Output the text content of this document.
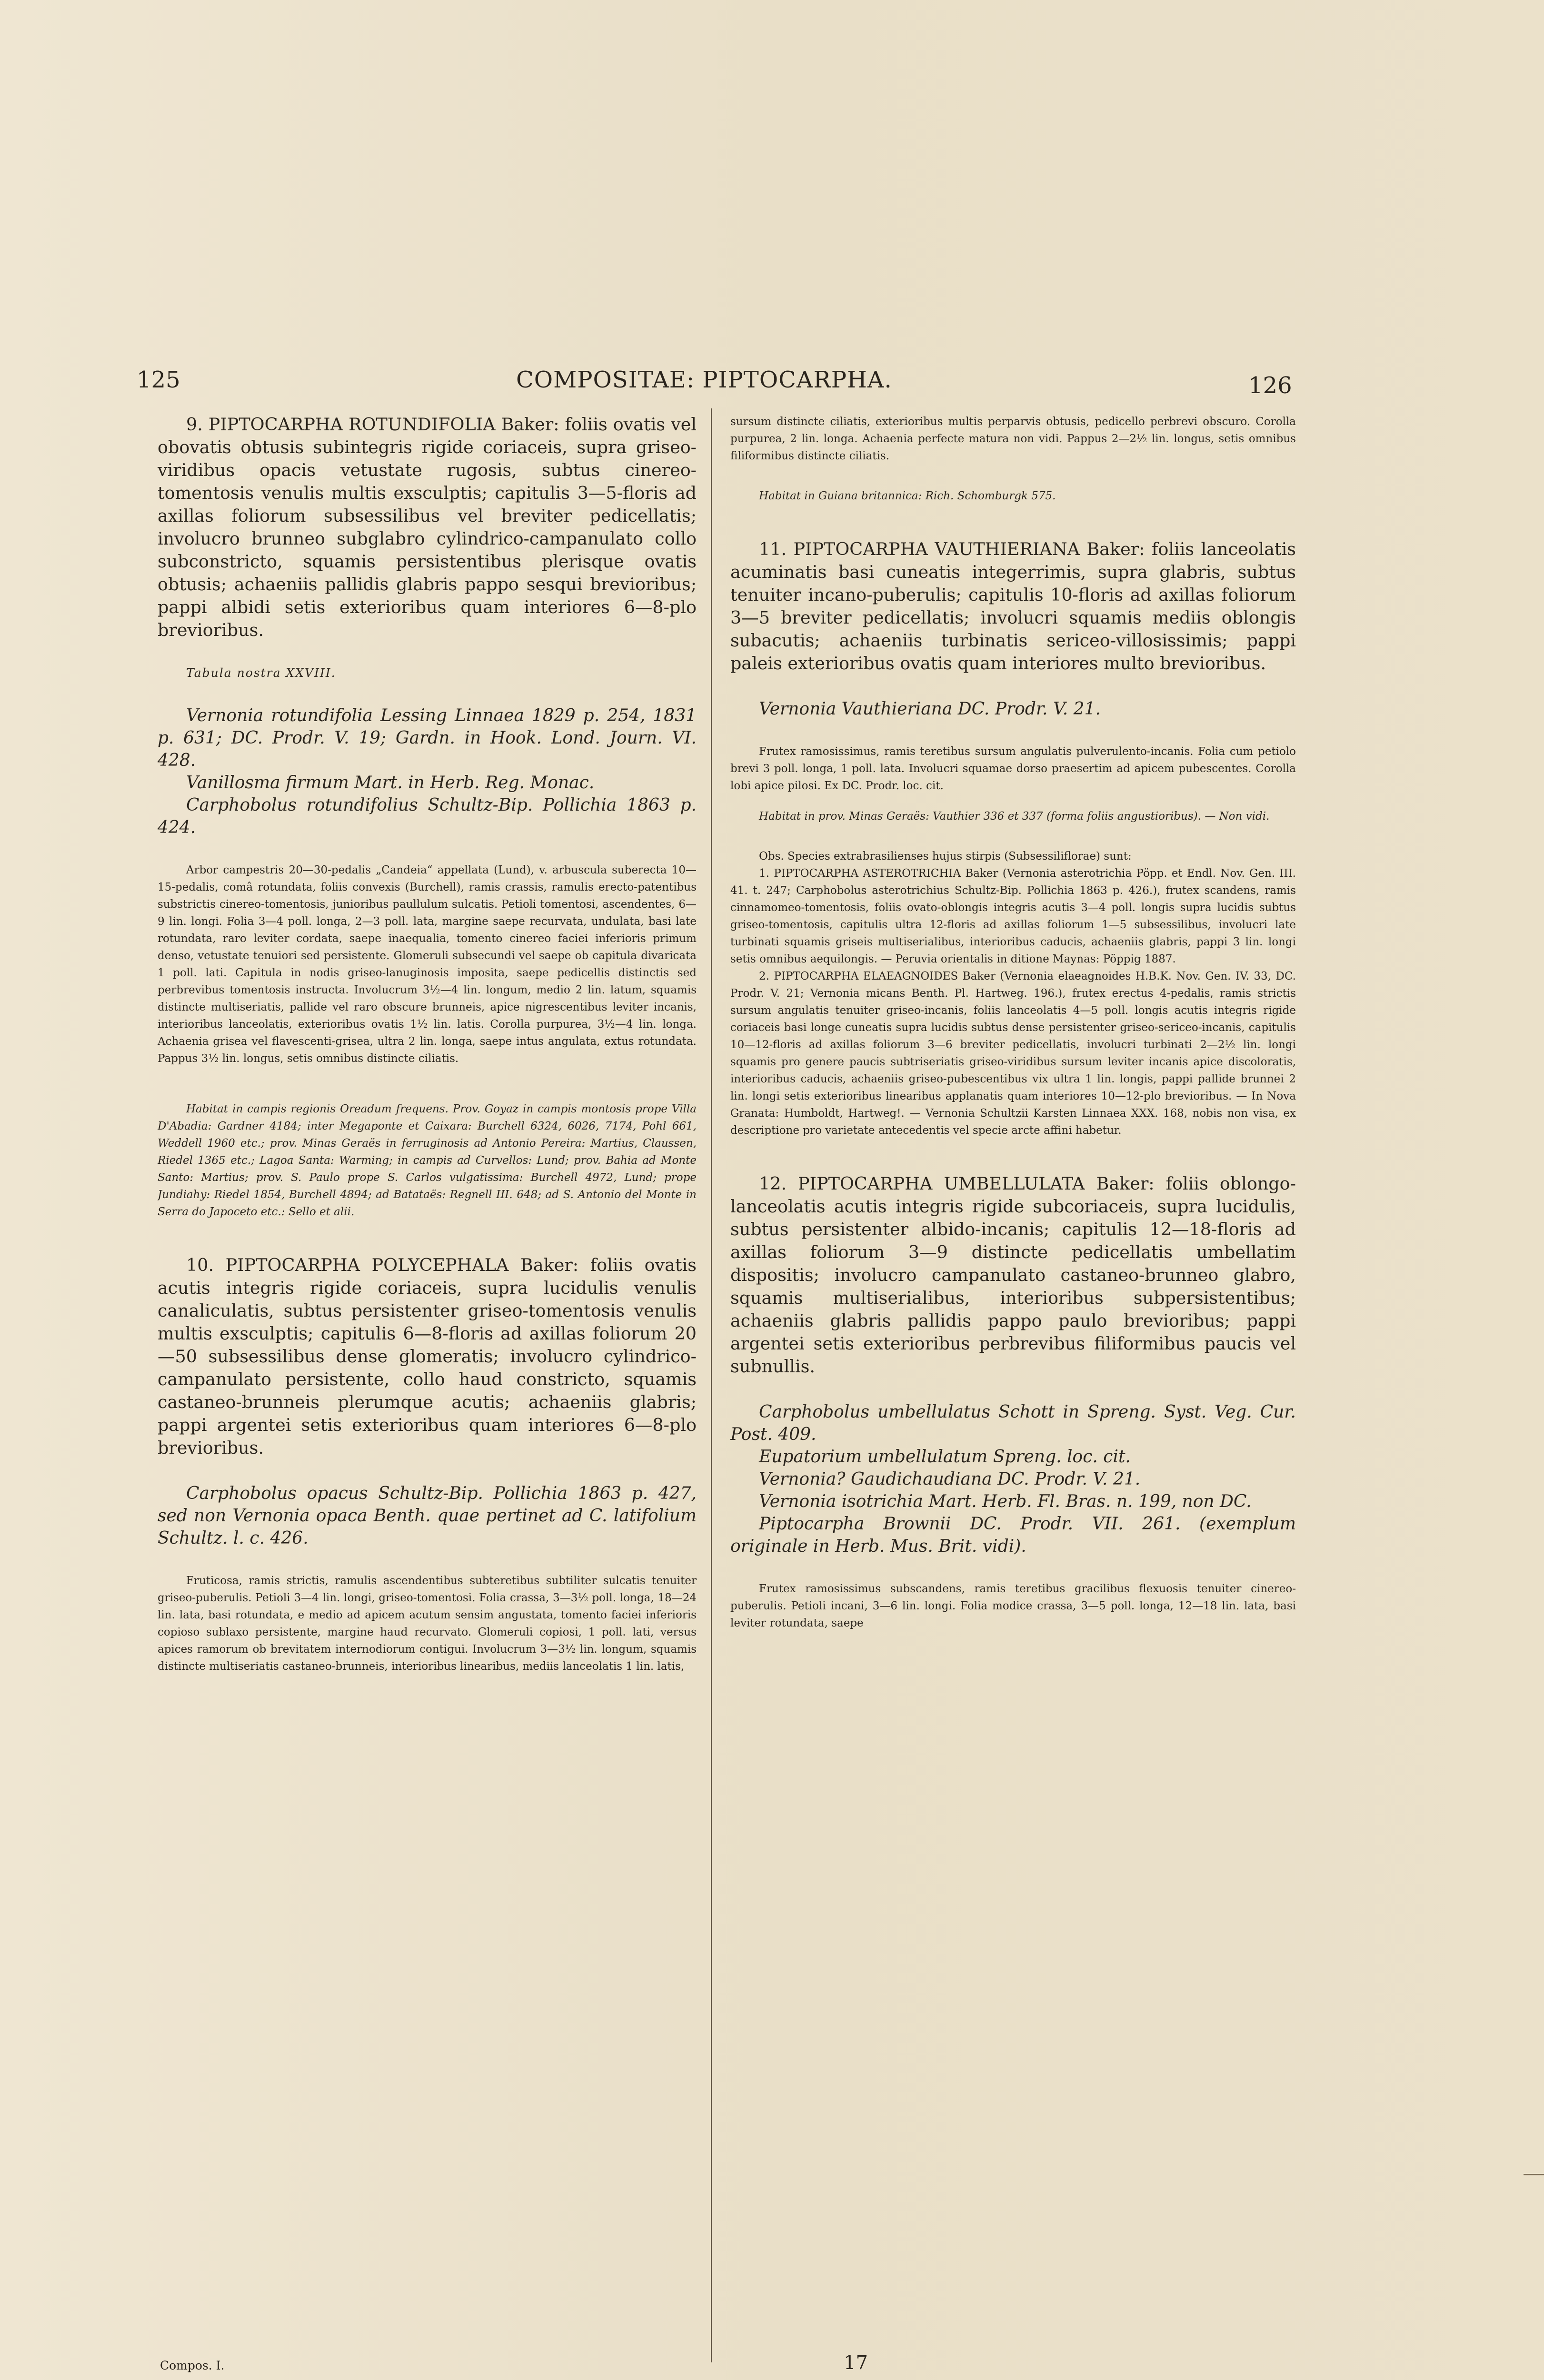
125	COMPOSITAE: PIPTOCARPHA.	126

9. PIPTOCARPHA ROTUNDIFOLIA Baker: foliis ovatis vel obovatis obtusis subintegris rigide coriaceis, supra griseo-viridibus opacis vetustate rugosis, subtus cinereo-tomentosis venulis multis exsculptis; capitulis 3—5-floris ad axillas foliorum subsessilibus vel breviter pedicellatis; involucro brunneo subglabro cylindrico-campanulato collo subconstricto, squamis persistentibus plerisque ovatis obtusis; achaeniis pallidis glabris pappo sesqui brevioribus; pappi albidi setis exterioribus quam interiores 6—8-plo brevioribus.

Tabula nostra XXVIII.

Vernonia rotundifolia Lessing Linnaea 1829 p. 254, 1831 p. 631; DC. Prodr. V. 19; Gardn. in Hook. Lond. Journ. VI. 428.

Vanillosma firmum Mart. in Herb. Reg. Monac.

Carphobolus rotundifolius Schultz-Bip. Pollichia 1863 p. 424.

Arbor campestris 20—30-pedalis „Candeia“ appellata (Lund), v. arbuscula suberecta 10—15-pedalis, comâ rotundata, foliis convexis (Burchell), ramis crassis, ramulis erecto-patentibus substrictis cinereo-tomentosis, junioribus paullulum sulcatis. Petioli tomentosi, ascendentes, 6—9 lin. longi. Folia 3—4 poll. longa, 2—3 poll. lata, margine saepe recurvata, undulata, basi late rotundata, raro leviter cordata, saepe inaequalia, tomento cinereo faciei inferioris primum denso, vetustate tenuiori sed persistente. Glomeruli subsecundi vel saepe ob capitula divaricata 1 poll. lati. Capitula in nodis griseo-lanuginosis imposita, saepe pedicellis distinctis sed perbrevibus tomentosis instructa. Involucrum 3½—4 lin. longum, medio 2 lin. latum, squamis distincte multiseriatis, pallide vel raro obscure brunneis, apice nigrescentibus leviter incanis, interioribus lanceolatis, exterioribus ovatis 1½ lin. latis. Corolla purpurea, 3½—4 lin. longa. Achaenia grisea vel flavescenti-grisea, ultra 2 lin. longa, saepe intus angulata, extus rotundata. Pappus 3½ lin. longus, setis omnibus distincte ciliatis.

Habitat in campis regionis Oreadum frequens. Prov. Goyaz in campis montosis prope Villa D'Abadia: Gardner 4184; inter Megaponte et Caixara: Burchell 6324, 6026, 7174, Pohl 661, Weddell 1960 etc.; prov. Minas Geraës in ferruginosis ad Antonio Pereira: Martius, Claussen, Riedel 1365 etc.; Lagoa Santa: Warming; in campis ad Curvellos: Lund; prov. Bahia ad Monte Santo: Martius; prov. S. Paulo prope S. Carlos vulgatissima: Burchell 4972, Lund; prope Jundiahy: Riedel 1854, Burchell 4894; ad Batataës: Regnell III. 648; ad S. Antonio del Monte in Serra do Japoceto etc.: Sello et alii.

10. PIPTOCARPHA POLYCEPHALA Baker: foliis ovatis acutis integris rigide coriaceis, supra lucidulis venulis canaliculatis, subtus persistenter griseo-tomentosis venulis multis exsculptis; capitulis 6—8-floris ad axillas foliorum 20—50 subsessilibus dense glomeratis; involucro cylindrico-campanulato persistente, collo haud constricto, squamis castaneo-brunneis plerumque acutis; achaeniis glabris; pappi argentei setis exterioribus quam interiores 6—8-plo brevioribus.

Carphobolus opacus Schultz-Bip. Pollichia 1863 p. 427, sed non Vernonia opaca Benth. quae pertinet ad C. latifolium Schultz. l. c. 426.

Fruticosa, ramis strictis, ramulis ascendentibus subteretibus subtiliter sulcatis tenuiter griseo-puberulis. Petioli 3—4 lin. longi, griseo-tomentosi. Folia crassa, 3—3½ poll. longa, 18—24 lin. lata, basi rotundata, e medio ad apicem acutum sensim angustata, tomento faciei inferioris copioso sublaxo persistente, margine haud recurvato. Glomeruli copiosi, 1 poll. lati, versus apices ramorum ob brevitatem internodiorum contigui. Involucrum 3—3½ lin. longum, squamis distincte multiseriatis castaneo-brunneis, interioribus linearibus, mediis lanceolatis 1 lin. latis,

sursum distincte ciliatis, exterioribus multis perparvis obtusis, pedicello perbrevi obscuro. Corolla purpurea, 2 lin. longa. Achaenia perfecte matura non vidi. Pappus 2—2½ lin. longus, setis omnibus filiformibus distincte ciliatis.

Habitat in Guiana britannica: Rich. Schomburgk 575.

11. PIPTOCARPHA VAUTHIERIANA Baker: foliis lanceolatis acuminatis basi cuneatis integerrimis, supra glabris, subtus tenuiter incano-puberulis; capitulis 10-floris ad axillas foliorum 3—5 breviter pedicellatis; involucri squamis mediis oblongis subacutis; achaeniis turbinatis sericeo-villosissimis; pappi paleis exterioribus ovatis quam interiores multo brevioribus.

Vernonia Vauthieriana DC. Prodr. V. 21.

Frutex ramosissimus, ramis teretibus sursum angulatis pulverulento-incanis. Folia cum petiolo brevi 3 poll. longa, 1 poll. lata. Involucri squamae dorso praesertim ad apicem pubescentes. Corolla lobi apice pilosi. Ex DC. Prodr. loc. cit.

Habitat in prov. Minas Geraës: Vauthier 336 et 337 (forma foliis angustioribus). — Non vidi.

Obs. Species extrabrasilienses hujus stirpis (Subsessiliflorae) sunt:

1. PIPTOCARPHA ASTEROTRICHIA Baker (Vernonia asterotrichia Pöpp. et Endl. Nov. Gen. III. 41. t. 247; Carphobolus asterotrichius Schultz-Bip. Pollichia 1863 p. 426.), frutex scandens, ramis cinnamomeo-tomentosis, foliis ovato-oblongis integris acutis 3—4 poll. longis supra lucidis subtus griseo-tomentosis, capitulis ultra 12-floris ad axillas foliorum 1—5 subsessilibus, involucri late turbinati squamis griseis multiserialibus, interioribus caducis, achaeniis glabris, pappi 3 lin. longi setis omnibus aequilongis. — Peruvia orientalis in ditione Maynas: Pöppig 1887.

2. PIPTOCARPHA ELAEAGNOIDES Baker (Vernonia elaeagnoides H.B.K. Nov. Gen. IV. 33, DC. Prodr. V. 21; Vernonia micans Benth. Pl. Hartweg. 196.), frutex erectus 4-pedalis, ramis strictis sursum angulatis tenuiter griseo-incanis, foliis lanceolatis 4—5 poll. longis acutis integris rigide coriaceis basi longe cuneatis supra lucidis subtus dense persistenter griseo-sericeo-incanis, capitulis 10—12-floris ad axillas foliorum 3—6 breviter pedicellatis, involucri turbinati 2—2½ lin. longi squamis pro genere paucis subtriseriatis griseo-viridibus sursum leviter incanis apice discoloratis, interioribus caducis, achaeniis griseo-pubescentibus vix ultra 1 lin. longis, pappi pallide brunnei 2 lin. longi setis exterioribus linearibus applanatis quam interiores 10—12-plo brevioribus. — In Nova Granata: Humboldt, Hartweg!. — Vernonia Schultzii Karsten Linnaea XXX. 168, nobis non visa, ex descriptione pro varietate antecedentis vel specie arcte affini habetur.

12. PIPTOCARPHA UMBELLULATA Baker: foliis oblongo-lanceolatis acutis integris rigide subcoriaceis, supra lucidulis, subtus persistenter albido-incanis; capitulis 12—18-floris ad axillas foliorum 3—9 distincte pedicellatis umbellatim dispositis; involucro campanulato castaneo-brunneo glabro, squamis multiserialibus, interioribus subpersistentibus; achaeniis glabris pallidis pappo paulo brevioribus; pappi argentei setis exterioribus perbrevibus filiformibus paucis vel subnullis.

Carphobolus umbellulatus Schott in Spreng. Syst. Veg. Cur. Post. 409.

Eupatorium umbellulatum Spreng. loc. cit.

Vernonia? Gaudichaudiana DC. Prodr. V. 21.

Vernonia isotrichia Mart. Herb. Fl. Bras. n. 199, non DC.

Piptocarpha Brownii DC. Prodr. VII. 261. (exemplum originale in Herb. Mus. Brit. vidi).

Frutex ramosissimus subscandens, ramis teretibus gracilibus flexuosis tenuiter cinereo-puberulis. Petioli incani, 3—6 lin. longi. Folia modice crassa, 3—5 poll. longa, 12—18 lin. lata, basi leviter rotundata, saepe

Compos. I.	17
